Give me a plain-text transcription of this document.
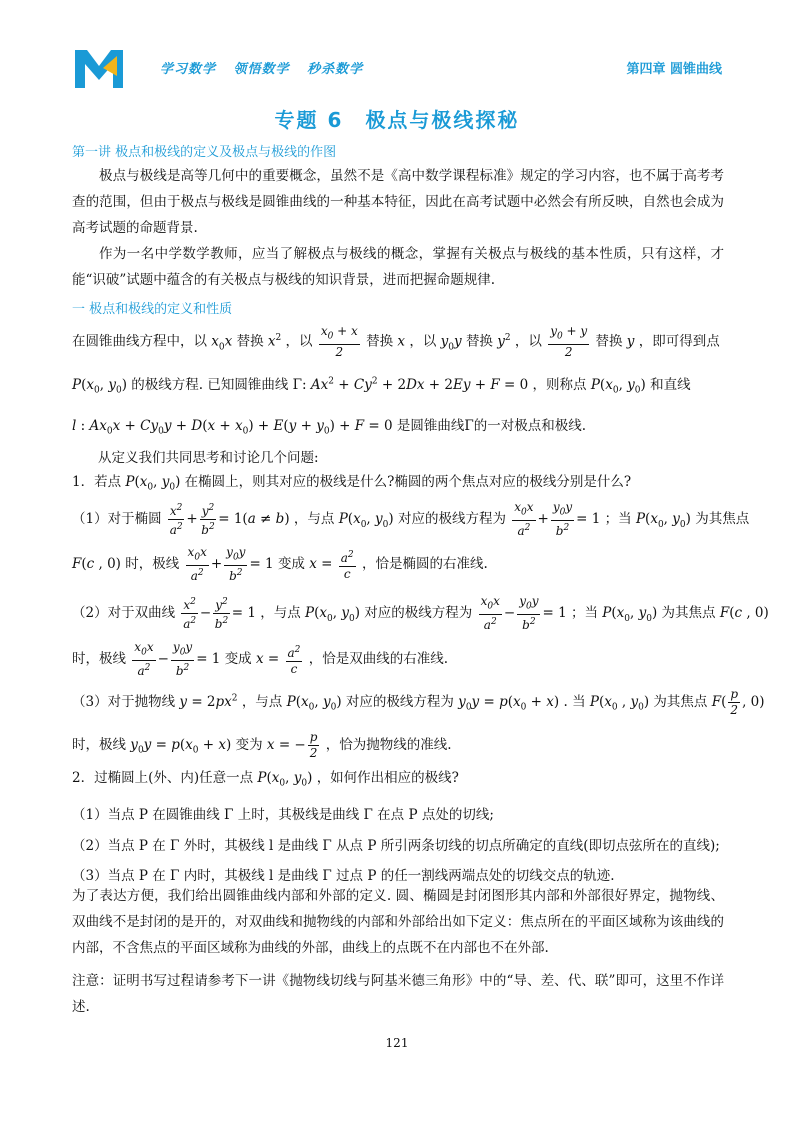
学习数学 领悟数学 秒杀数学	第四章 圆锥曲线
专题 6 极点与极线探秘
第一讲 极点和极线的定义及极点与极线的作图
极点与极线是高等几何中的重要概念，虽然不是《高中数学课程标准》规定的学习内容，也不属于高考考查的范围，但由于极点与极线是圆锥曲线的一种基本特征，因此在高考试题中必然会有所反映，自然也会成为高考试题的命题背景.
作为一名中学数学教师，应当了解极点与极线的概念，掌握有关极点与极线的基本性质，只有这样，才能“识破”试题中蕴含的有关极点与极线的知识背景，进而把握命题规律.
一 极点和极线的定义和性质
在圆锥曲线方程中，以 $x_0x$ 替换 $x^2$ ，以 $\frac{x_0 + x}{2}$ 替换 x ，以 $y_0y$ 替换 $y^2$ ，以 $\frac{y_0 + y}{2}$ 替换 y ，即可得到点
$P(x_0$, $y_0$) 的极线方程. 已知圆锥曲线 Γ: $Ax^2 + Cy^2 + 2Dx + 2Ey + F = 0$ ，则称点 $P(x_0$, $y_0$) 和直线
l : $Ax_0x + Cy_0y + D(x + x_0) + E(y + y_0) + F = 0$ 是圆锥曲线Γ的一对极点和极线.
从定义我们共同思考和讨论几个问题:
1．若点 $P(x_0$, $y_0$) 在椭圆上，则其对应的极线是什么?椭圆的两个焦点对应的极线分别是什么?
（1）对于椭圆 $\frac{x^2}{a^2} + \frac{y^2}{b^2} = 1(a \ne b)$ ，与点 $P(x_0$, $y_0$) 对应的极线方程为 $\frac{x_0x}{a^2} + \frac{y_0y}{b^2} = 1$ ；当 $P(x_0$, $y_0$) 为其焦点
F(c , 0) 时，极线 $\frac{x_0x}{a^2} + \frac{y_0y}{b^2} = 1$ 变成 $x = \frac{a^2}{c}$ ，恰是椭圆的右准线.
（2）对于双曲线 $\frac{x^2}{a^2} - \frac{y^2}{b^2} = 1$ ，与点 $P(x_0$, $y_0$) 对应的极线方程为 $\frac{x_0x}{a^2} - \frac{y_0y}{b^2} = 1$ ；当 $P(x_0$, $y_0$) 为其焦点 F(c , 0)
时，极线 $\frac{x_0x}{a^2} - \frac{y_0y}{b^2} = 1$ 变成 $x = \frac{a^2}{c}$ ，恰是双曲线的右准线.
（3）对于抛物线 $y = 2px^2$ ，与点 $P(x_0$, $y_0$) 对应的极线方程为 $y_0y = p(x_0 + x)$ . 当 $P(x_0$ , $y_0$) 为其焦点 $F( \frac{p}{2}$ , 0)
时，极线 $y_0y = p(x_0 + x)$ 变为 x = − $\frac{p}{2}$ ，恰为抛物线的准线.
2．过椭圆上(外、内)任意一点 $P(x_0$, $y_0$) ，如何作出相应的极线?
（1）当点 P 在圆锥曲线 Γ 上时，其极线是曲线 Γ 在点 P 点处的切线;
（2）当点 P 在 Γ 外时，其极线 l 是曲线 Γ 从点 P 所引两条切线的切点所确定的直线(即切点弦所在的直线);
（3）当点 P 在 Γ 内时，其极线 l 是曲线 Γ 过点 P 的任一割线两端点处的切线交点的轨迹.
为了表达方便，我们给出圆锥曲线内部和外部的定义. 圆、椭圆是封闭图形其内部和外部很好界定，抛物线、双曲线不是封闭的是开的，对双曲线和抛物线的内部和外部给出如下定义：焦点所在的平面区域称为该曲线的内部，不含焦点的平面区域称为曲线的外部，曲线上的点既不在内部也不在外部.
注意：证明书写过程请参考下一讲《抛物线切线与阿基米德三角形》中的“导、差、代、联”即可，这里不作详述.
121
